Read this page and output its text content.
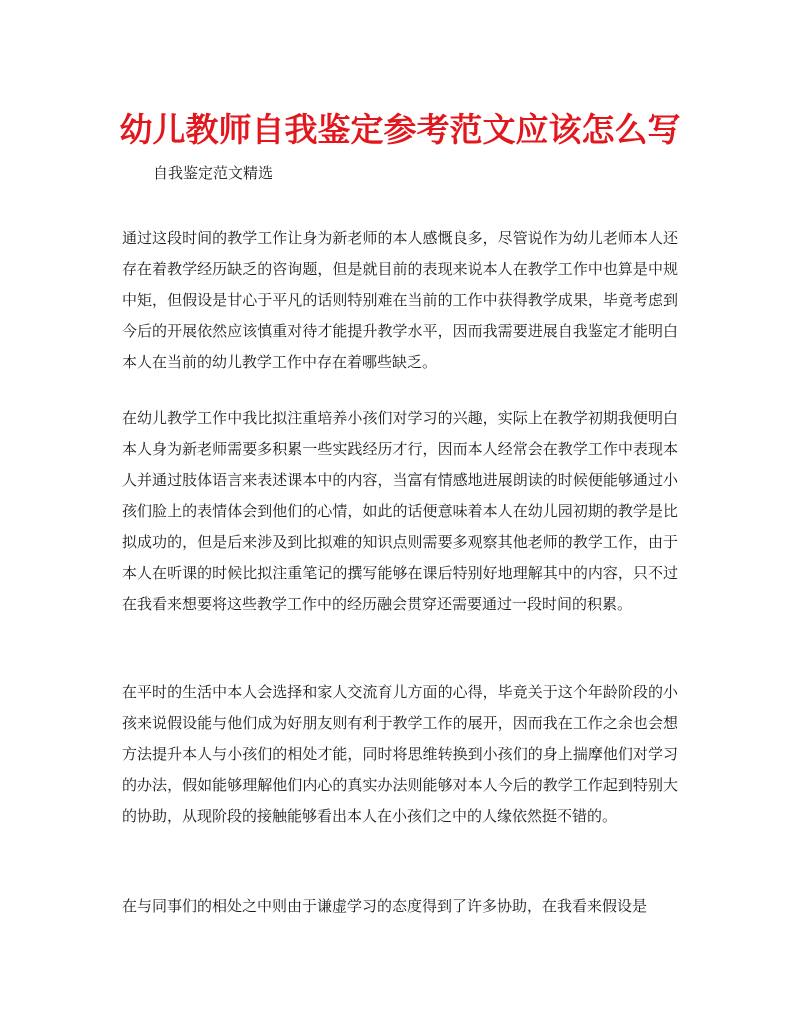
幼儿教师自我鉴定参考范文应该怎么写

自我鉴定范文精选

通过这段时间的教学工作让身为新老师的本人感慨良多，尽管说作为幼儿老师本人还存在着教学经历缺乏的咨询题，但是就目前的表现来说本人在教学工作中也算是中规中矩，但假设是甘心于平凡的话则特别难在当前的工作中获得教学成果，毕竟考虑到今后的开展依然应该慎重对待才能提升教学水平，因而我需要进展自我鉴定才能明白本人在当前的幼儿教学工作中存在着哪些缺乏。

在幼儿教学工作中我比拟注重培养小孩们对学习的兴趣，实际上在教学初期我便明白本人身为新老师需要多积累一些实践经历才行，因而本人经常会在教学工作中表现本人并通过肢体语言来表述课本中的内容，当富有情感地进展朗读的时候便能够通过小孩们脸上的表情体会到他们的心情，如此的话便意味着本人在幼儿园初期的教学是比拟成功的，但是后来涉及到比拟难的知识点则需要多观察其他老师的教学工作，由于本人在听课的时候比拟注重笔记的撰写能够在课后特别好地理解其中的内容，只不过在我看来想要将这些教学工作中的经历融会贯穿还需要通过一段时间的积累。

在平时的生活中本人会选择和家人交流育儿方面的心得，毕竟关于这个年龄阶段的小孩来说假设能与他们成为好朋友则有利于教学工作的展开，因而我在工作之余也会想方法提升本人与小孩们的相处才能，同时将思维转换到小孩们的身上揣摩他们对学习的办法，假如能够理解他们内心的真实办法则能够对本人今后的教学工作起到特别大的协助，从现阶段的接触能够看出本人在小孩们之中的人缘依然挺不错的。

在与同事们的相处之中则由于谦虚学习的态度得到了许多协助，在我看来假设是
